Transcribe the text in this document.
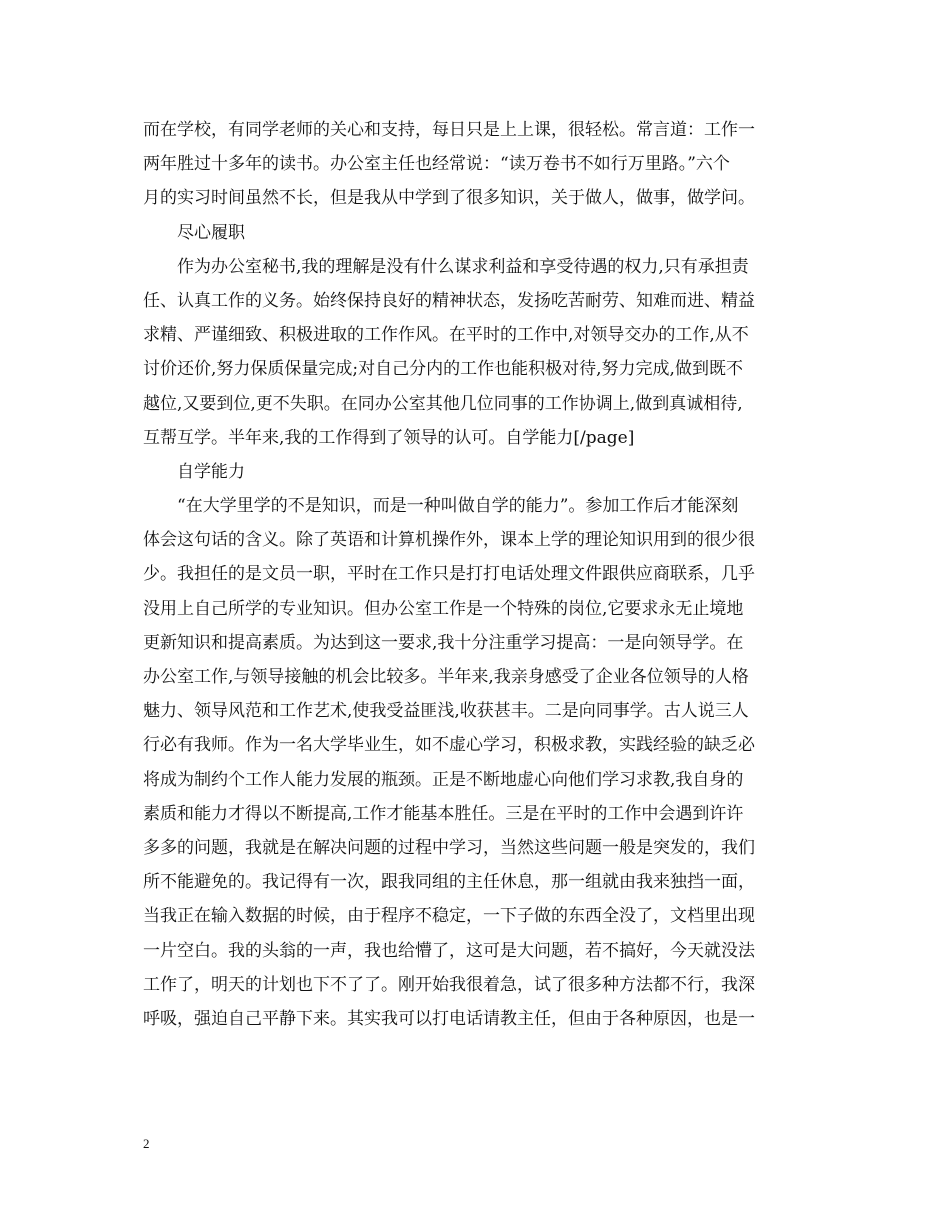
而在学校，有同学老师的关心和支持，每日只是上上课，很轻松。常言道：工作一
两年胜过十多年的读书。办公室主任也经常说：“读万卷书不如行万里路。”六个
月的实习时间虽然不长，但是我从中学到了很多知识，关于做人，做事，做学问。
尽心履职
作为办公室秘书,我的理解是没有什么谋求利益和享受待遇的权力,只有承担责
任、认真工作的义务。始终保持良好的精神状态，发扬吃苦耐劳、知难而进、精益
求精、严谨细致、积极进取的工作作风。在平时的工作中,对领导交办的工作,从不
讨价还价,努力保质保量完成;对自己分内的工作也能积极对待,努力完成,做到既不
越位,又要到位,更不失职。在同办公室其他几位同事的工作协调上,做到真诚相待,
互帮互学。半年来,我的工作得到了领导的认可。自学能力[/page]
自学能力
“在大学里学的不是知识，而是一种叫做自学的能力”。参加工作后才能深刻
体会这句话的含义。除了英语和计算机操作外，课本上学的理论知识用到的很少很
少。我担任的是文员一职，平时在工作只是打打电话处理文件跟供应商联系，几乎
没用上自己所学的专业知识。但办公室工作是一个特殊的岗位,它要求永无止境地
更新知识和提高素质。为达到这一要求,我十分注重学习提高：一是向领导学。在
办公室工作,与领导接触的机会比较多。半年来,我亲身感受了企业各位领导的人格
魅力、领导风范和工作艺术,使我受益匪浅,收获甚丰。二是向同事学。古人说三人
行必有我师。作为一名大学毕业生，如不虚心学习，积极求教，实践经验的缺乏必
将成为制约个工作人能力发展的瓶颈。正是不断地虚心向他们学习求教,我自身的
素质和能力才得以不断提高,工作才能基本胜任。三是在平时的工作中会遇到许许
多多的问题，我就是在解决问题的过程中学习，当然这些问题一般是突发的，我们
所不能避免的。我记得有一次，跟我同组的主任休息，那一组就由我来独挡一面，
当我正在输入数据的时候，由于程序不稳定，一下子做的东西全没了，文档里出现
一片空白。我的头翁的一声，我也给懵了，这可是大问题，若不搞好，今天就没法
工作了，明天的计划也下不了了。刚开始我很着急，试了很多种方法都不行，我深
呼吸，强迫自己平静下来。其实我可以打电话请教主任，但由于各种原因，也是一
2
